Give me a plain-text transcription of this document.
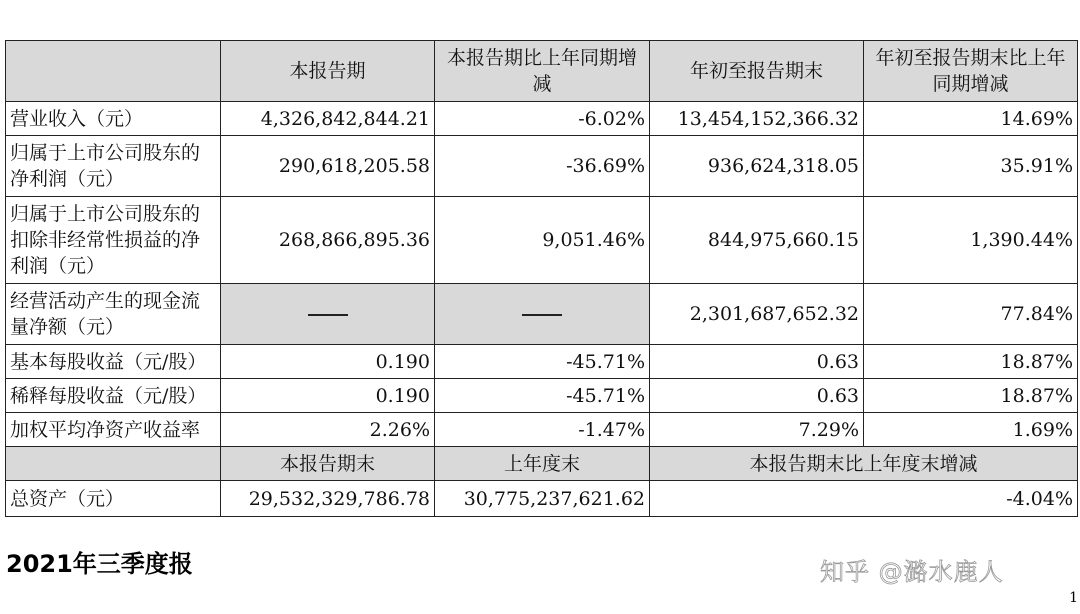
	本报告期	本报告期比上年同期增减	年初至报告期末	年初至报告期末比上年同期增减
营业收入（元）	4,326,842,844.21	-6.02%	13,454,152,366.32	14.69%
归属于上市公司股东的净利润（元）	290,618,205.58	-36.69%	936,624,318.05	35.91%
归属于上市公司股东的扣除非经常性损益的净利润（元）	268,866,895.36	9,051.46%	844,975,660.15	1,390.44%
经营活动产生的现金流量净额（元）			2,301,687,652.32	77.84%
基本每股收益（元/股）	0.190	-45.71%	0.63	18.87%
稀释每股收益（元/股）	0.190	-45.71%	0.63	18.87%
加权平均净资产收益率	2.26%	-1.47%	7.29%	1.69%
	本报告期末	上年度末	本报告期末比上年度末增减	
总资产（元）	29,532,329,786.78	30,775,237,621.62	-4.04%	
2021年三季度报	知乎 @潞水鹿人
1
